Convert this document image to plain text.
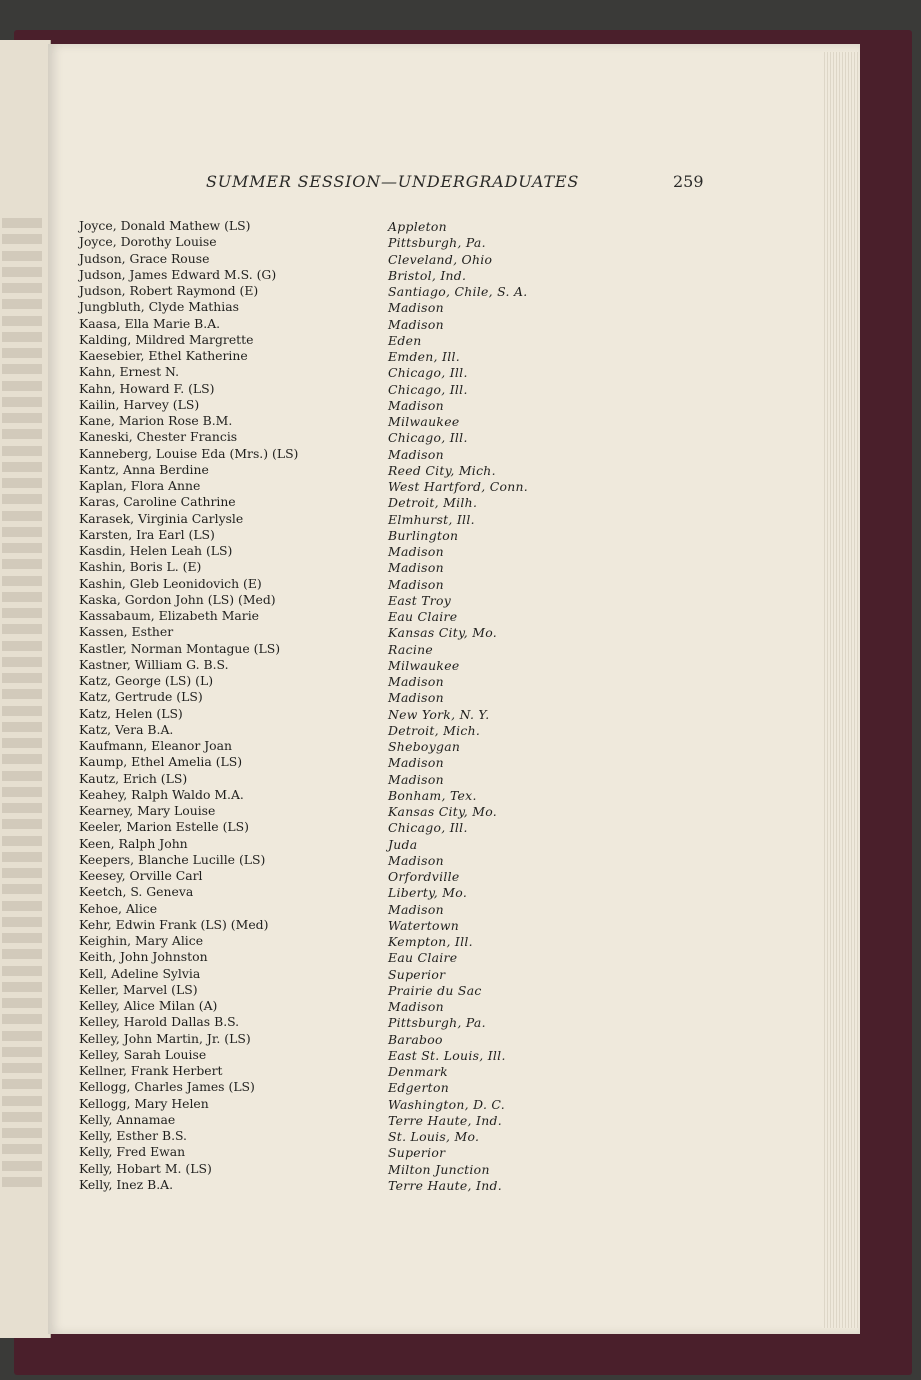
SUMMER SESSION—UNDERGRADUATES	259
Joyce, Donald Mathew (LS)	Appleton
Joyce, Dorothy Louise	Pittsburgh, Pa.
Judson, Grace Rouse	Cleveland, Ohio
Judson, James Edward M.S. (G)	Bristol, Ind.
Judson, Robert Raymond (E)	Santiago, Chile, S. A.
Jungbluth, Clyde Mathias	Madison
Kaasa, Ella Marie B.A.	Madison
Kalding, Mildred Margrette	Eden
Kaesebier, Ethel Katherine	Emden, Ill.
Kahn, Ernest N.	Chicago, Ill.
Kahn, Howard F. (LS)	Chicago, Ill.
Kailin, Harvey (LS)	Madison
Kane, Marion Rose B.M.	Milwaukee
Kaneski, Chester Francis	Chicago, Ill.
Kanneberg, Louise Eda (Mrs.) (LS)	Madison
Kantz, Anna Berdine	Reed City, Mich.
Kaplan, Flora Anne	West Hartford, Conn.
Karas, Caroline Cathrine	Detroit, Milh.
Karasek, Virginia Carlysle	Elmhurst, Ill.
Karsten, Ira Earl (LS)	Burlington
Kasdin, Helen Leah (LS)	Madison
Kashin, Boris L. (E)	Madison
Kashin, Gleb Leonidovich (E)	Madison
Kaska, Gordon John (LS) (Med)	East Troy
Kassabaum, Elizabeth Marie	Eau Claire
Kassen, Esther	Kansas City, Mo.
Kastler, Norman Montague (LS)	Racine
Kastner, William G. B.S.	Milwaukee
Katz, George (LS) (L)	Madison
Katz, Gertrude (LS)	Madison
Katz, Helen (LS)	New York, N. Y.
Katz, Vera B.A.	Detroit, Mich.
Kaufmann, Eleanor Joan	Sheboygan
Kaump, Ethel Amelia (LS)	Madison
Kautz, Erich (LS)	Madison
Keahey, Ralph Waldo M.A.	Bonham, Tex.
Kearney, Mary Louise	Kansas City, Mo.
Keeler, Marion Estelle (LS)	Chicago, Ill.
Keen, Ralph John	Juda
Keepers, Blanche Lucille (LS)	Madison
Keesey, Orville Carl	Orfordville
Keetch, S. Geneva	Liberty, Mo.
Kehoe, Alice	Madison
Kehr, Edwin Frank (LS) (Med)	Watertown
Keighin, Mary Alice	Kempton, Ill.
Keith, John Johnston	Eau Claire
Kell, Adeline Sylvia	Superior
Keller, Marvel (LS)	Prairie du Sac
Kelley, Alice Milan (A)	Madison
Kelley, Harold Dallas B.S.	Pittsburgh, Pa.
Kelley, John Martin, Jr. (LS)	Baraboo
Kelley, Sarah Louise	East St. Louis, Ill.
Kellner, Frank Herbert	Denmark
Kellogg, Charles James (LS)	Edgerton
Kellogg, Mary Helen	Washington, D. C.
Kelly, Annamae	Terre Haute, Ind.
Kelly, Esther B.S.	St. Louis, Mo.
Kelly, Fred Ewan	Superior
Kelly, Hobart M. (LS)	Milton Junction
Kelly, Inez B.A.	Terre Haute, Ind.
